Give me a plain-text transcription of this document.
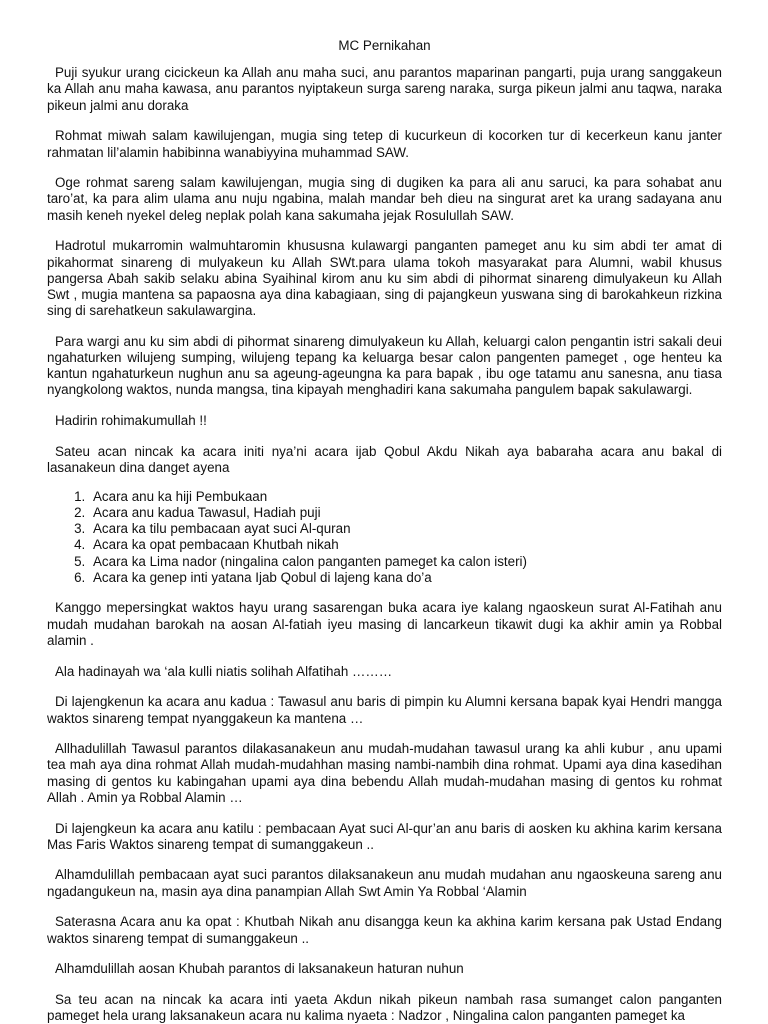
MC Pernikahan

Puji syukur urang cicickeun ka Allah anu maha suci, anu parantos maparinan pangarti, puja urang sanggakeun ka Allah anu maha kawasa, anu parantos nyiptakeun surga sareng naraka, surga pikeun jalmi anu taqwa, naraka pikeun jalmi anu doraka

Rohmat miwah salam kawilujengan, mugia sing tetep di kucurkeun di kocorken tur di kecerkeun kanu janter rahmatan lil’alamin habibinna wanabiyyina muhammad SAW.

Oge rohmat sareng salam kawilujengan, mugia sing di dugiken ka para ali anu saruci, ka para sohabat anu taro’at, ka para alim ulama anu nuju ngabina, malah mandar beh dieu na singurat aret ka urang sadayana anu masih keneh nyekel deleg neplak polah kana sakumaha jejak Rosulullah SAW.

Hadrotul mukarromin walmuhtaromin khususna kulawargi panganten pameget anu ku sim abdi ter amat di pikahormat sinareng di mulyakeun ku Allah SWt.para ulama tokoh masyarakat para Alumni, wabil khusus pangersa Abah sakib selaku abina Syaihinal kirom anu ku sim abdi di pihormat sinareng dimulyakeun ku Allah Swt , mugia mantena sa papaosna aya dina kabagiaan, sing di pajangkeun yuswana sing di barokahkeun rizkina sing di sarehatkeun sakulawargina.

Para wargi anu ku sim abdi di pihormat sinareng dimulyakeun ku Allah, keluargi calon pengantin istri sakali deui ngahaturken wilujeng sumping, wilujeng tepang ka keluarga besar calon pangenten pameget , oge henteu ka kantun ngahaturkeun nughun anu sa ageung-ageungna ka para bapak , ibu oge tatamu anu sanesna, anu tiasa nyangkolong waktos, nunda mangsa, tina kipayah menghadiri kana sakumaha pangulem bapak sakulawargi.

Hadirin rohimakumullah !!

Sateu acan nincak ka acara initi nya’ni acara ijab Qobul Akdu Nikah aya babaraha acara anu bakal di lasanakeun dina danget ayena

1. Acara anu ka hiji Pembukaan
2. Acara anu kadua Tawasul, Hadiah puji
3. Acara ka tilu pembacaan ayat suci Al-quran
4. Acara ka opat pembacaan Khutbah nikah
5. Acara ka Lima nador (ningalina calon panganten pameget ka calon isteri)
6. Acara ka genep inti yatana Ijab Qobul di lajeng kana do’a

Kanggo mepersingkat waktos hayu urang sasarengan buka acara iye kalang ngaoskeun surat Al-Fatihah anu mudah mudahan barokah na aosan Al-fatiah iyeu masing di lancarkeun tikawit dugi ka akhir amin ya Robbal alamin .

Ala hadinayah wa ‘ala kulli niatis solihah Alfatihah ………

Di lajengkenun ka acara anu kadua : Tawasul anu baris di pimpin ku Alumni kersana bapak kyai Hendri mangga waktos sinareng tempat nyanggakeun ka mantena …

Allhadulillah Tawasul parantos dilakasanakeun anu mudah-mudahan tawasul urang ka ahli kubur , anu upami tea mah aya dina rohmat Allah mudah-mudahhan masing nambi-nambih dina rohmat. Upami aya dina kasedihan masing di gentos ku kabingahan upami aya dina bebendu Allah mudah-mudahan masing di gentos ku rohmat Allah . Amin ya Robbal Alamin …

Di lajengkeun ka acara anu katilu : pembacaan Ayat suci Al-qur’an anu baris di aosken ku akhina karim kersana Mas Faris Waktos sinareng tempat di sumanggakeun ..

Alhamdulillah pembacaan ayat suci parantos dilaksanakeun anu mudah mudahan anu ngaoskeuna sareng anu ngadangukeun na, masin aya dina panampian Allah Swt Amin Ya Robbal ‘Alamin

Saterasna Acara anu ka opat : Khutbah Nikah anu disangga keun ka akhina karim kersana pak Ustad Endang waktos sinareng tempat di sumanggakeun ..

Alhamdulillah aosan Khubah parantos di laksanakeun haturan nuhun

Sa teu acan na nincak ka acara inti yaeta Akdun nikah pikeun nambah rasa sumanget calon panganten pameget hela urang laksanakeun acara nu kalima nyaeta : Nadzor , Ningalina calon panganten pameget ka
